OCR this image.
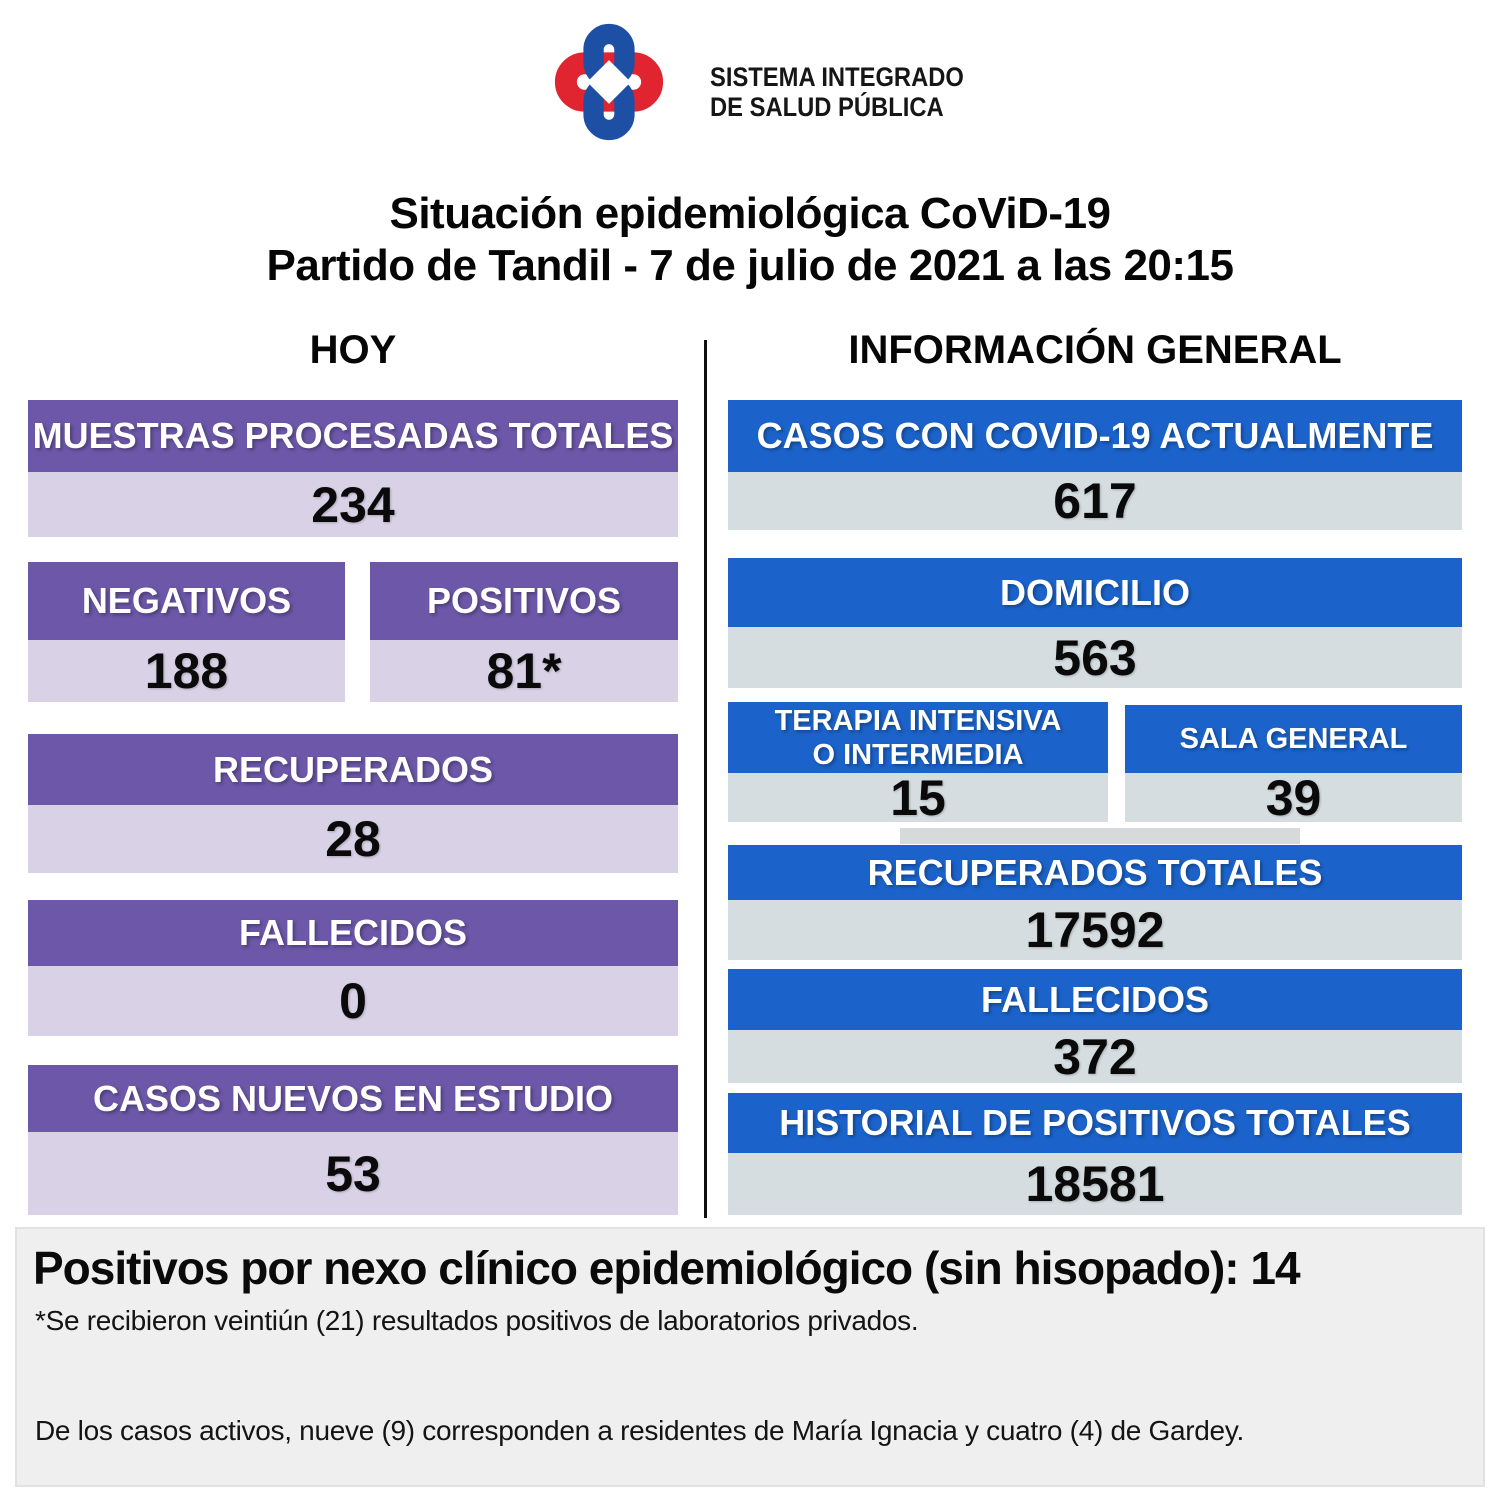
SISTEMA INTEGRADO
DE SALUD PÚBLICA
Situación epidemiológica CoViD-19
Partido de Tandil - 7 de julio de 2021 a las 20:15
HOY	INFORMACIÓN GENERAL
MUESTRAS PROCESADAS TOTALES
234
NEGATIVOS
188
POSITIVOS
81*
RECUPERADOS
28
FALLECIDOS
0
CASOS NUEVOS EN ESTUDIO
53
CASOS CON COVID-19 ACTUALMENTE
617
DOMICILIO
563
TERAPIA INTENSIVA
O INTERMEDIA
15
SALA GENERAL
39
RECUPERADOS TOTALES
17592
FALLECIDOS
372
HISTORIAL DE POSITIVOS TOTALES
18581
Positivos por nexo clínico epidemiológico (sin hisopado): 14
*Se recibieron veintiún (21) resultados positivos de laboratorios privados.
De los casos activos, nueve (9) corresponden a residentes de María Ignacia y cuatro (4) de Gardey.
